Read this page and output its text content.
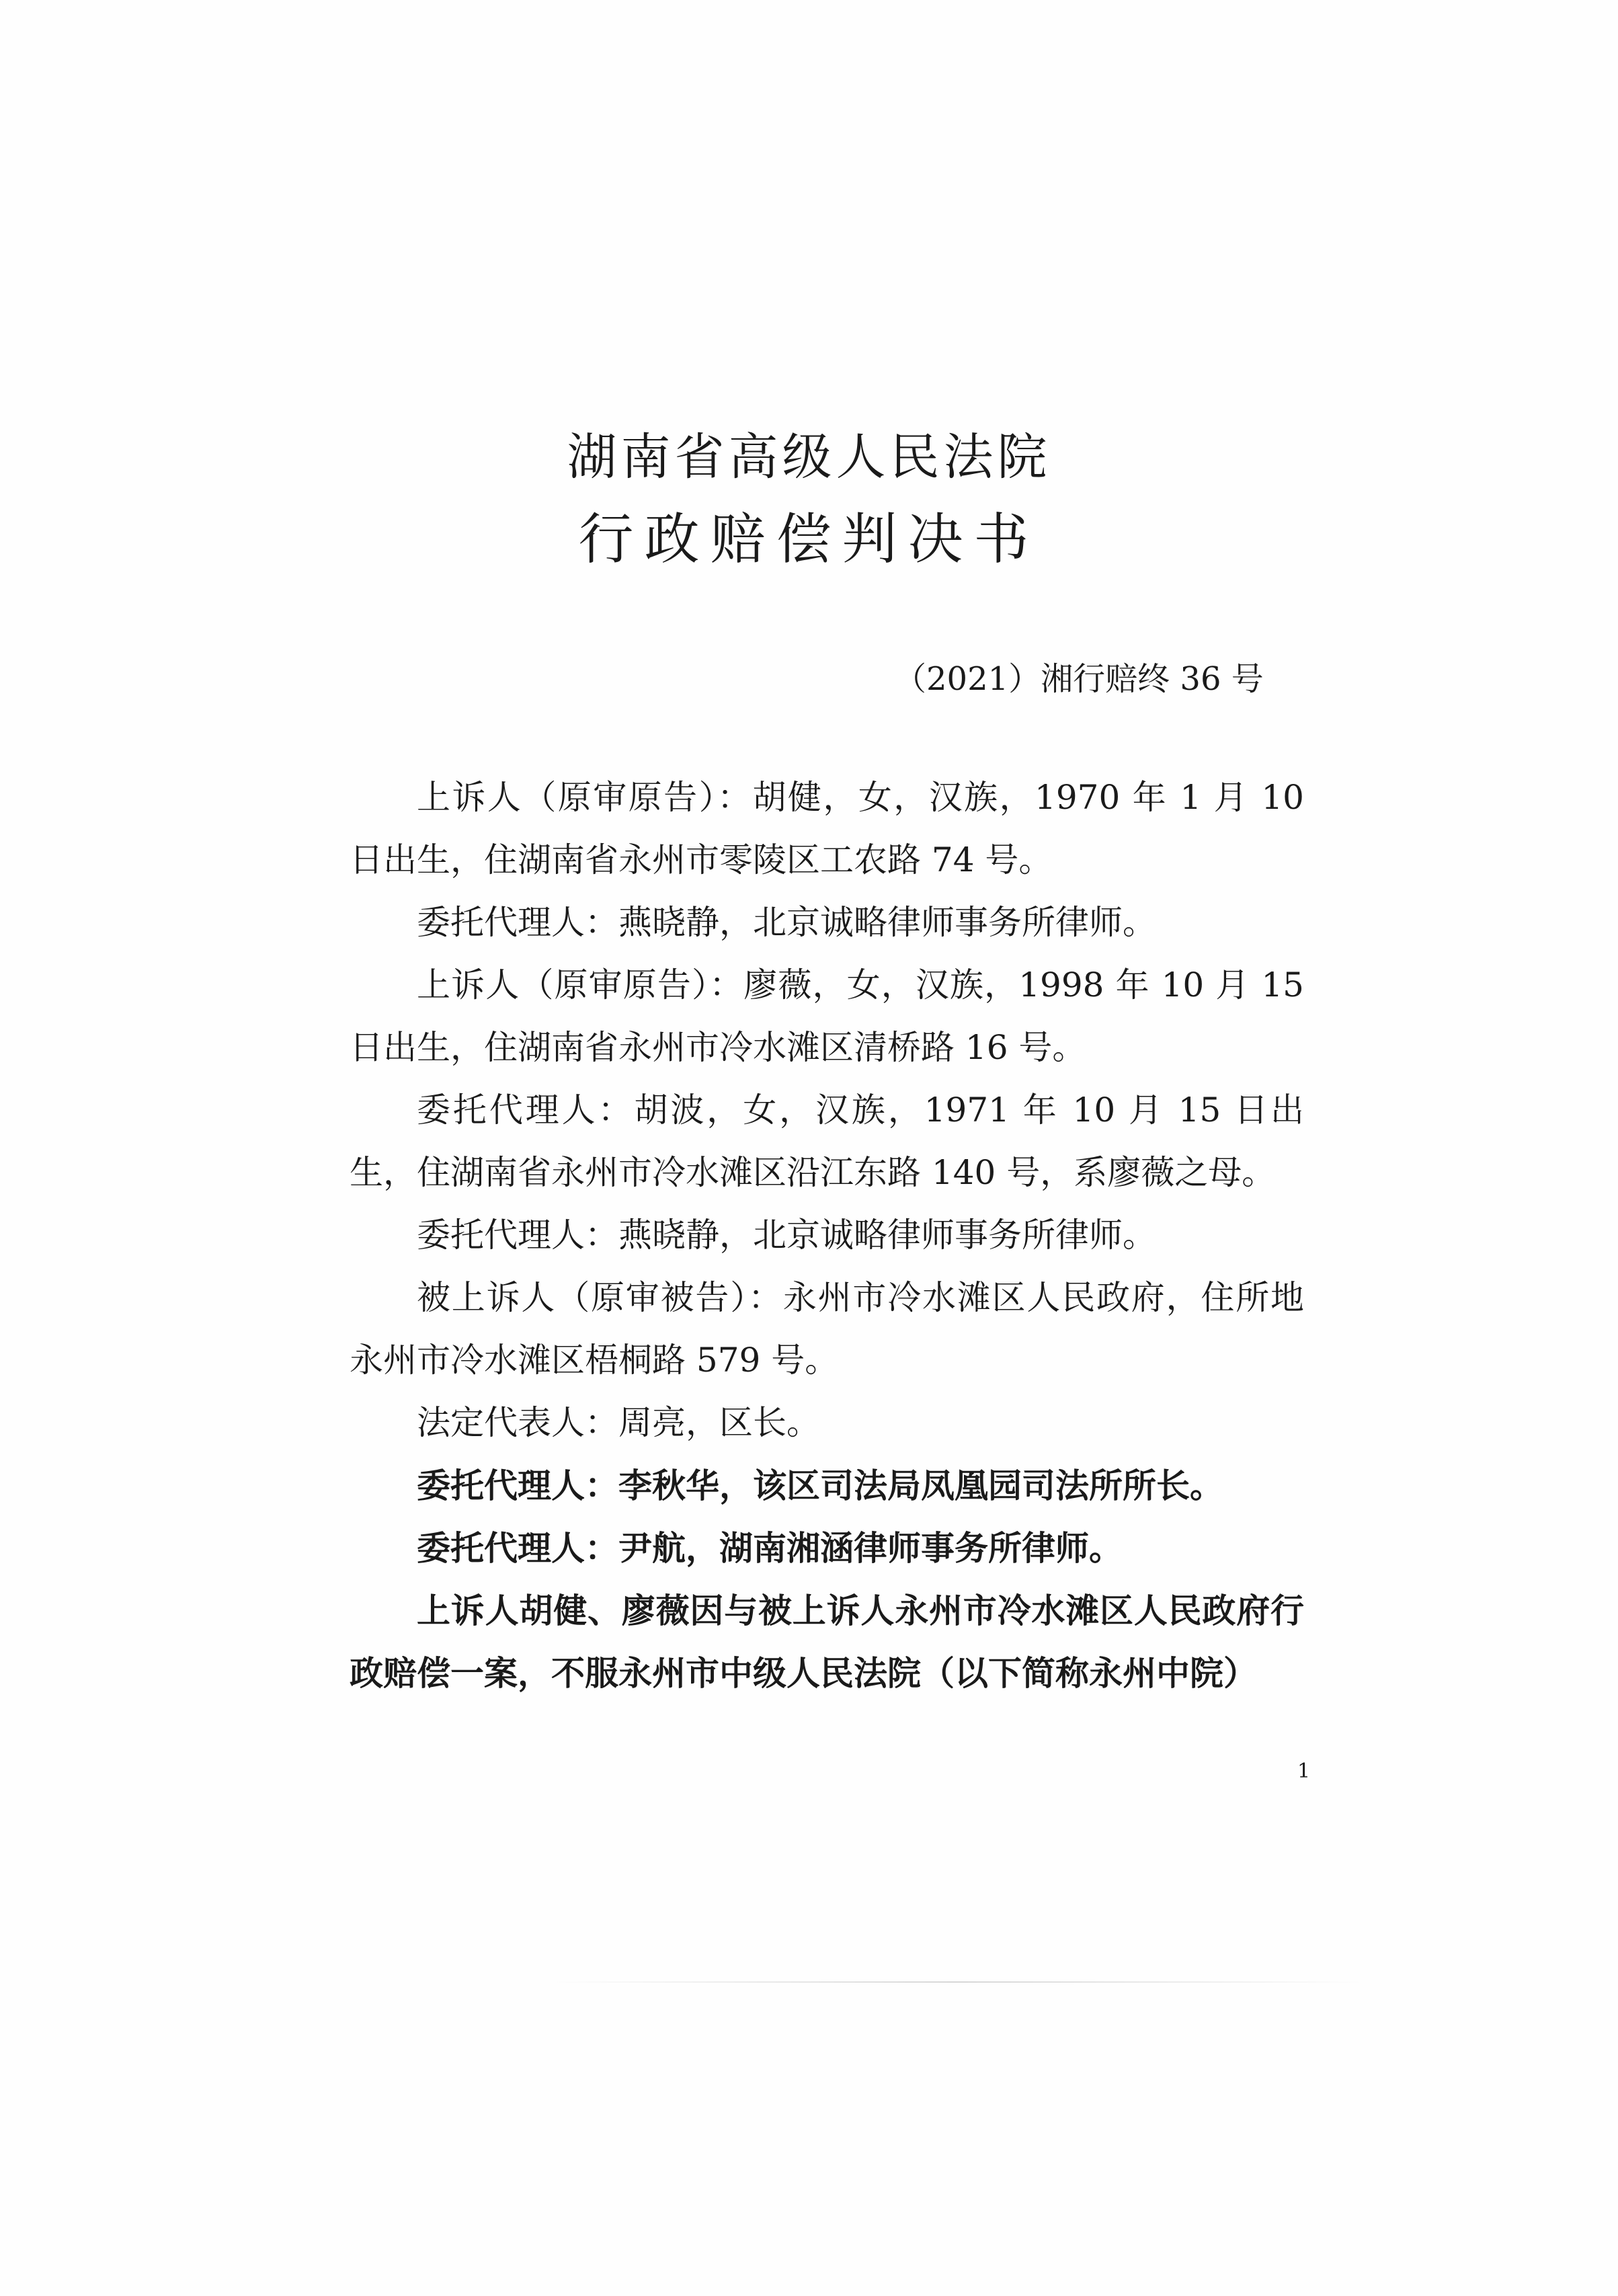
湖南省高级人民法院
行政赔偿判决书
（2021）湘行赔终 36 号

上诉人（原审原告）：胡健，女，汉族，1970 年 1 月 10 日出生，住湖南省永州市零陵区工农路 74 号。

委托代理人：燕晓静，北京诚略律师事务所律师。

上诉人（原审原告）：廖薇，女，汉族，1998 年 10 月 15 日出生，住湖南省永州市冷水滩区清桥路 16 号。

委托代理人：胡波，女，汉族，1971 年 10 月 15 日出生，住湖南省永州市冷水滩区沿江东路 140 号，系廖薇之母。

委托代理人：燕晓静，北京诚略律师事务所律师。

被上诉人（原审被告）：永州市冷水滩区人民政府，住所地永州市冷水滩区梧桐路 579 号。

法定代表人：周亮，区长。

委托代理人：李秋华，该区司法局凤凰园司法所所长。

委托代理人：尹航，湖南湘涵律师事务所律师。

上诉人胡健、廖薇因与被上诉人永州市冷水滩区人民政府行政赔偿一案，不服永州市中级人民法院（以下简称永州中院）

1
